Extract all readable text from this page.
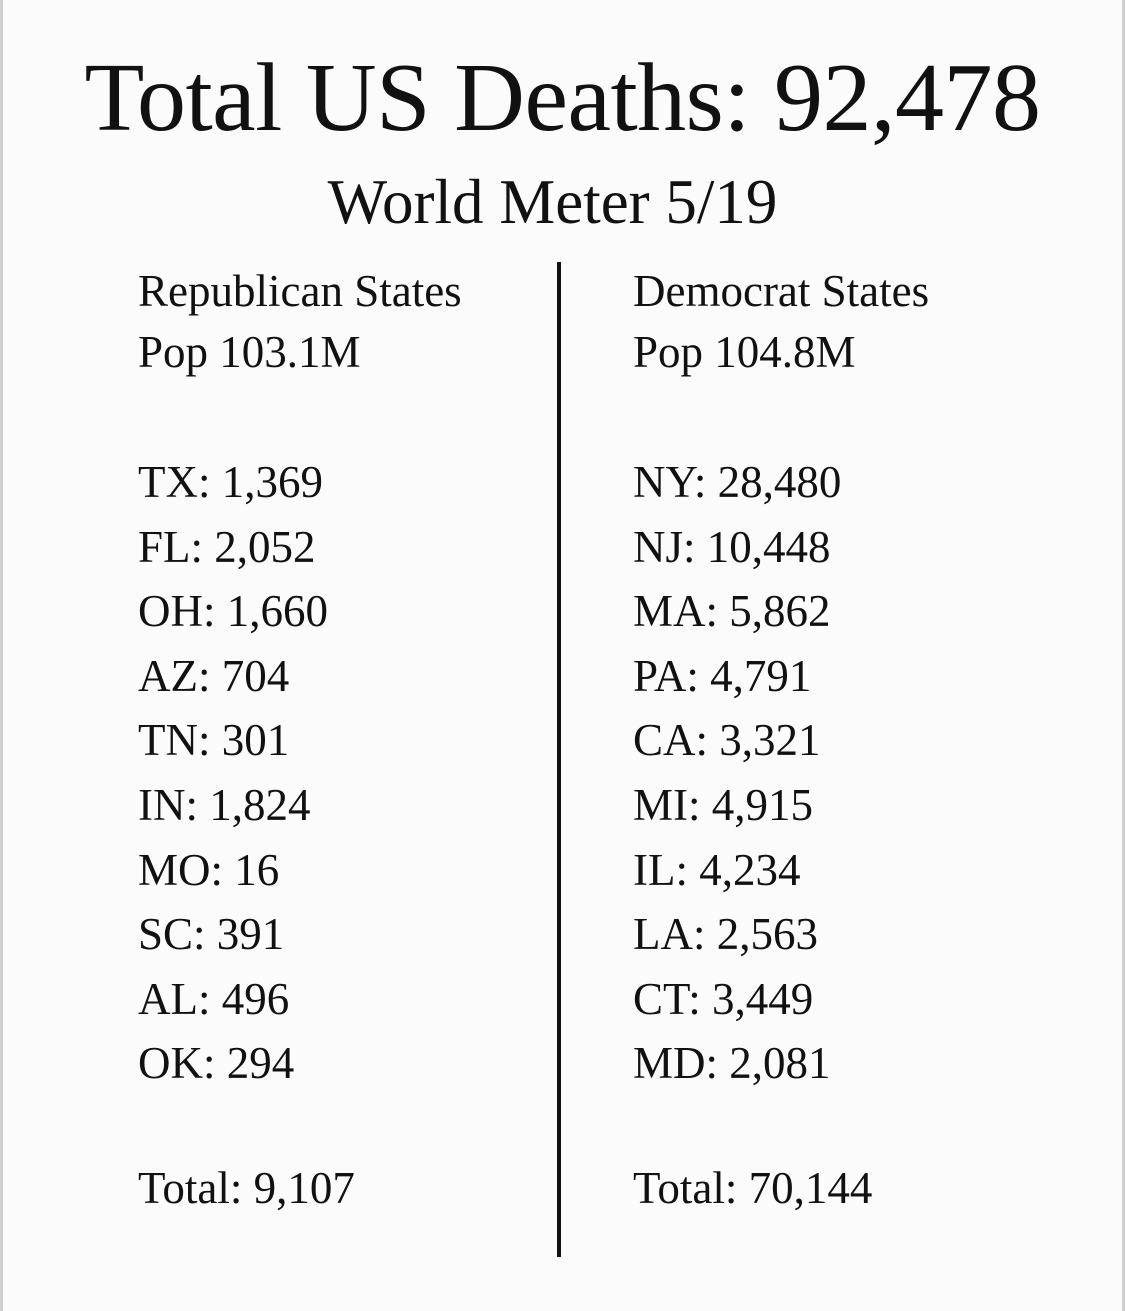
Total US Deaths: 92,478
World Meter 5/19

Republican States

Pop 103.1M

TX: 1,369
FL: 2,052
OH: 1,660
AZ: 704
TN: 301
IN: 1,824
MO: 16
SC: 391
AL: 496
OK: 294
Total: 9,107

Democrat States

Pop 104.8M

NY: 28,480
NJ: 10,448
MA: 5,862
PA: 4,791
CA: 3,321
MI: 4,915
IL: 4,234
LA: 2,563
CT: 3,449
MD: 2,081
Total: 70,144
